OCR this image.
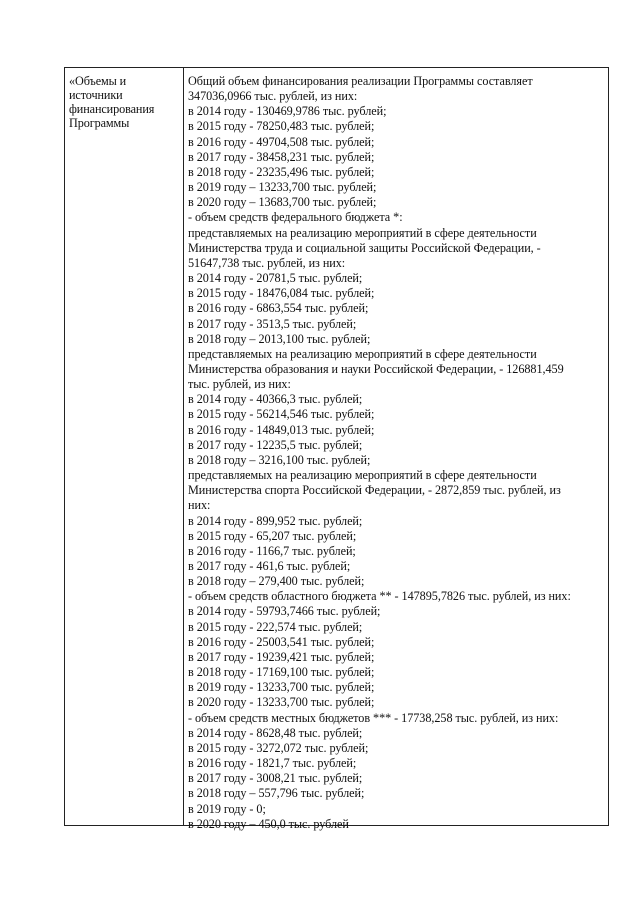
«Объемы и
источники
финансирования
Программы
Общий объем финансирования реализации Программы составляет
347036,0966 тыс. рублей, из них:
в 2014 году - 130469,9786 тыс. рублей;
в 2015 году - 78250,483 тыс. рублей;
в 2016 году - 49704,508 тыс. рублей;
в 2017 году - 38458,231 тыс. рублей;
в 2018 году - 23235,496 тыс. рублей;
в 2019 году – 13233,700 тыс. рублей;
в 2020 году – 13683,700 тыс. рублей;
- объем средств федерального бюджета *:
представляемых на реализацию мероприятий в сфере деятельности
Министерства труда и социальной защиты Российской Федерации, -
51647,738 тыс. рублей, из них:
в 2014 году - 20781,5 тыс. рублей;
в 2015 году - 18476,084 тыс. рублей;
в 2016 году - 6863,554 тыс. рублей;
в 2017 году - 3513,5 тыс. рублей;
в 2018 году – 2013,100 тыс. рублей;
представляемых на реализацию мероприятий в сфере деятельности
Министерства образования и науки Российской Федерации, - 126881,459
тыс. рублей, из них:
в 2014 году - 40366,3 тыс. рублей;
в 2015 году - 56214,546 тыс. рублей;
в 2016 году - 14849,013 тыс. рублей;
в 2017 году - 12235,5 тыс. рублей;
в 2018 году – 3216,100 тыс. рублей;
представляемых на реализацию мероприятий в сфере деятельности
Министерства спорта Российской Федерации, - 2872,859 тыс. рублей, из
них:
в 2014 году - 899,952 тыс. рублей;
в 2015 году - 65,207 тыс. рублей;
в 2016 году - 1166,7 тыс. рублей;
в 2017 году - 461,6 тыс. рублей;
в 2018 году – 279,400 тыс. рублей;
- объем средств областного бюджета ** - 147895,7826 тыс. рублей, из них:
в 2014 году - 59793,7466 тыс. рублей;
в 2015 году - 222,574 тыс. рублей;
в 2016 году - 25003,541 тыс. рублей;
в 2017 году - 19239,421 тыс. рублей;
в 2018 году - 17169,100 тыс. рублей;
в 2019 году - 13233,700 тыс. рублей;
в 2020 году - 13233,700 тыс. рублей;
- объем средств местных бюджетов *** - 17738,258 тыс. рублей, из них:
в 2014 году - 8628,48 тыс. рублей;
в 2015 году - 3272,072 тыс. рублей;
в 2016 году - 1821,7 тыс. рублей;
в 2017 году - 3008,21 тыс. рублей;
в 2018 году – 557,796 тыс. рублей;
в 2019 году - 0;
в 2020 году – 450,0 тыс. рублей
